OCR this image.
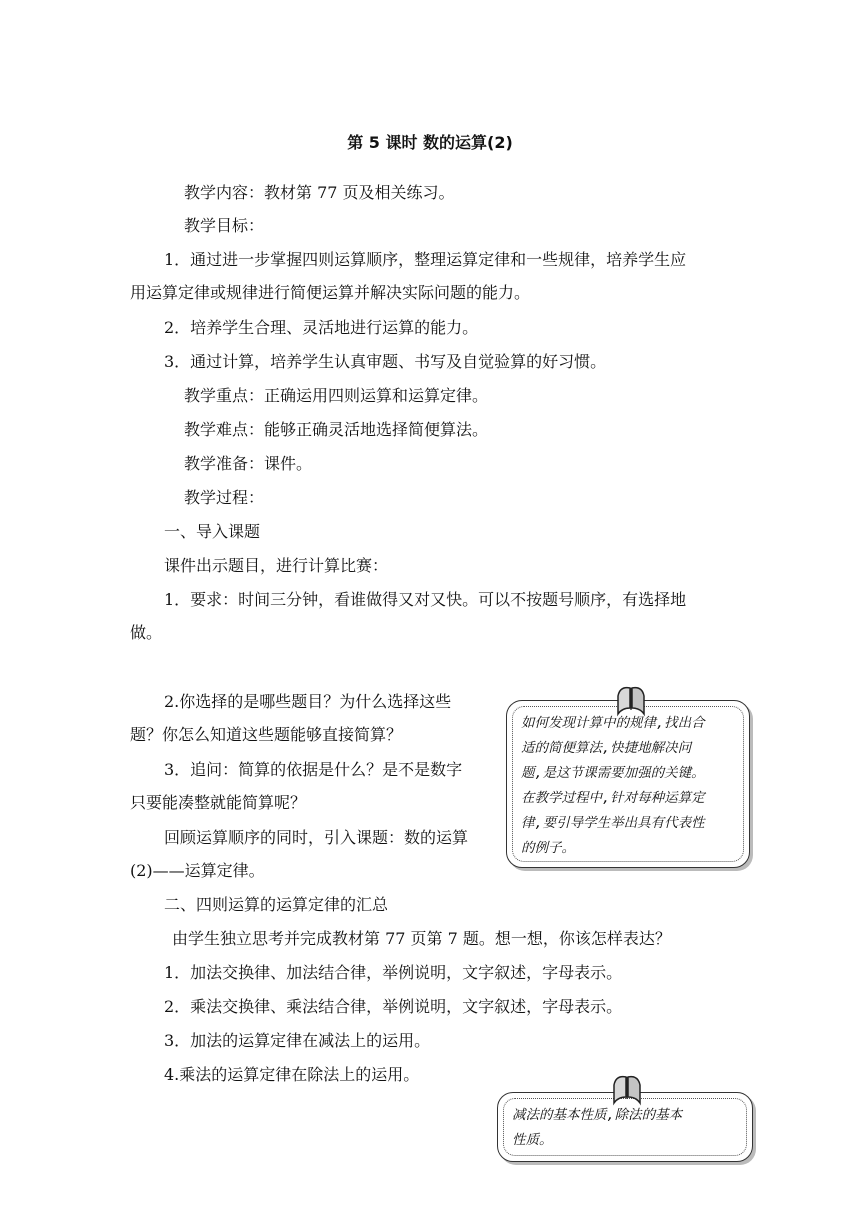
第 5 课时 数的运算(2)
教学内容：教材第 77 页及相关练习。
教学目标：
1．通过进一步掌握四则运算顺序，整理运算定律和一些规律，培养学生应
用运算定律或规律进行简便运算并解决实际问题的能力。
2．培养学生合理、灵活地进行运算的能力。
3．通过计算，培养学生认真审题、书写及自觉验算的好习惯。
教学重点：正确运用四则运算和运算定律。
教学难点：能够正确灵活地选择简便算法。
教学准备：课件。
教学过程：
一、导入课题
课件出示题目，进行计算比赛：
1．要求：时间三分钟，看谁做得又对又快。可以不按题号顺序，有选择地
做。
2.你选择的是哪些题目？为什么选择这些
题？你怎么知道这些题能够直接简算？
3．追问：简算的依据是什么？是不是数字
只要能凑整就能简算呢？
回顾运算顺序的同时，引入课题：数的运算
(2)——运算定律。
二、四则运算的运算定律的汇总
由学生独立思考并完成教材第 77 页第 7 题。想一想，你该怎样表达？
1．加法交换律、加法结合律，举例说明，文字叙述，字母表示。
2．乘法交换律、乘法结合律，举例说明，文字叙述，字母表示。
3．加法的运算定律在减法上的运用。
4.乘法的运算定律在除法上的运用。
如何发现计算中的规律,找出合
适的简便算法,快捷地解决问
题,是这节课需要加强的关键。
在教学过程中,针对每种运算定
律,要引导学生举出具有代表性
的例子。
减法的基本性质,除法的基本
性质。
